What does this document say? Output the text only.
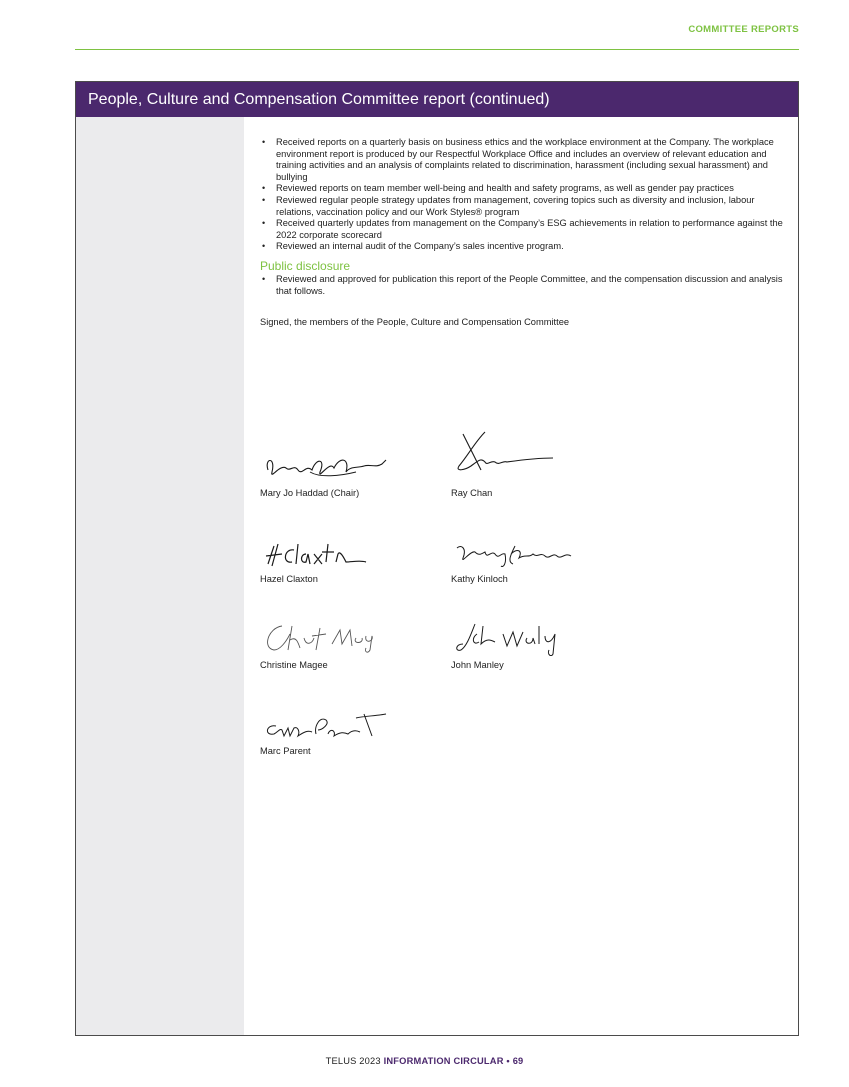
COMMITTEE REPORTS
People, Culture and Compensation Committee report (continued)
• Received reports on a quarterly basis on business ethics and the workplace environment at the Company. The workplace environment report is produced by our Respectful Workplace Office and includes an overview of relevant education and training activities and an analysis of complaints related to discrimination, harassment (including sexual harassment) and bullying
• Reviewed reports on team member well-being and health and safety programs, as well as gender pay practices
• Reviewed regular people strategy updates from management, covering topics such as diversity and inclusion, labour relations, vaccination policy and our Work Styles® program
• Received quarterly updates from management on the Company’s ESG achievements in relation to performance against the 2022 corporate scorecard
• Reviewed an internal audit of the Company’s sales incentive program.
Public disclosure
• Reviewed and approved for publication this report of the People Committee, and the compensation discussion and analysis that follows.
Signed, the members of the People, Culture and Compensation Committee
Mary Jo Haddad (Chair)	Ray Chan
Hazel Claxton	Kathy Kinloch
Christine Magee	John Manley
Marc Parent
TELUS 2023 INFORMATION CIRCULAR • 69
